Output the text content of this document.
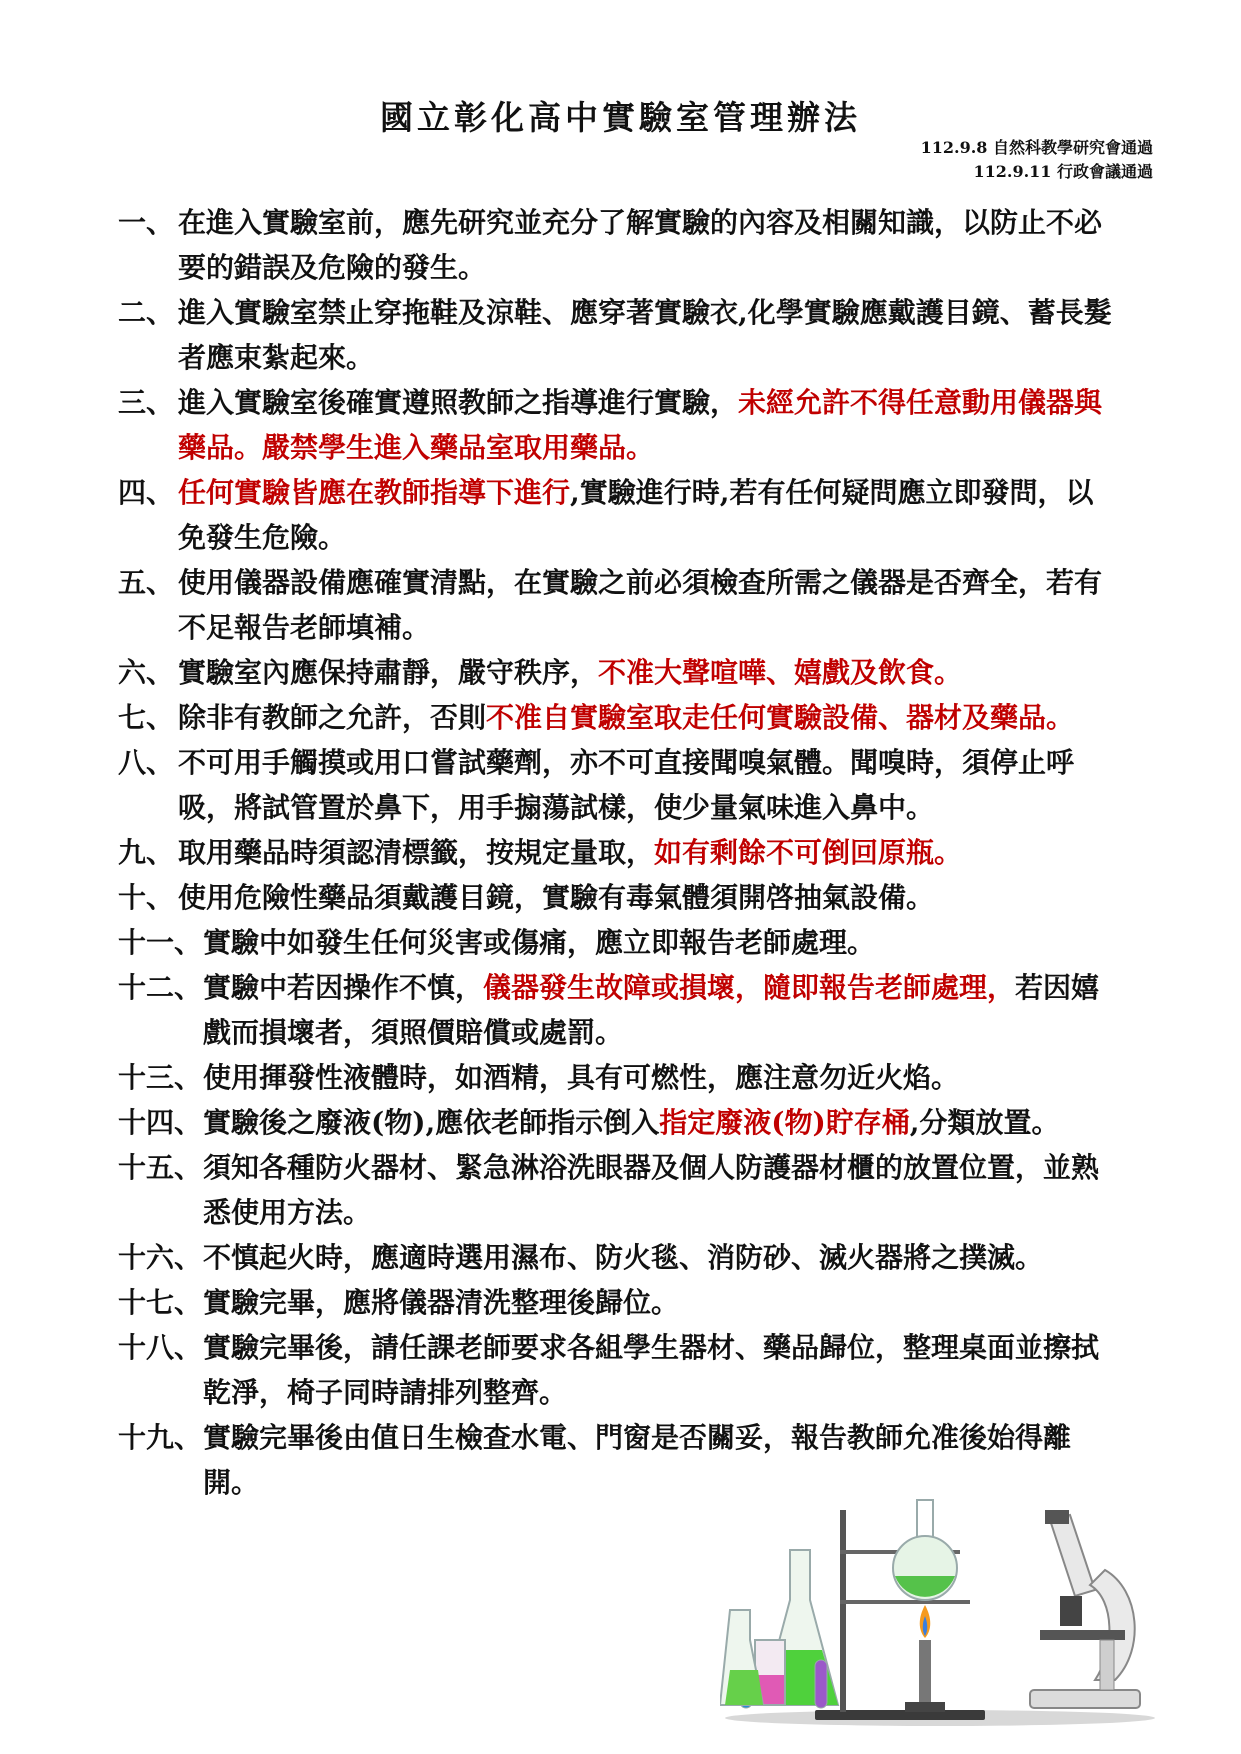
國立彰化高中實驗室管理辦法
112.9.8 自然科教學研究會通過
112.9.11 行政會議通過
一、 在進入實驗室前，應先研究並充分了解實驗的內容及相關知識，以防止不必要的錯誤及危險的發生。
二、 進入實驗室禁止穿拖鞋及涼鞋、應穿著實驗衣,化學實驗應戴護目鏡、蓄長髮者應束紮起來。
三、 進入實驗室後確實遵照教師之指導進行實驗，未經允許不得任意動用儀器與藥品。嚴禁學生進入藥品室取用藥品。
四、 任何實驗皆應在教師指導下進行,實驗進行時,若有任何疑問應立即發問，以免發生危險。
五、 使用儀器設備應確實清點，在實驗之前必須檢查所需之儀器是否齊全，若有不足報告老師填補。
六、 實驗室內應保持肅靜，嚴守秩序，不准大聲喧嘩、嬉戲及飲食。
七、 除非有教師之允許，否則不准自實驗室取走任何實驗設備、器材及藥品。
八、 不可用手觸摸或用口嘗試藥劑，亦不可直接聞嗅氣體。聞嗅時，須停止呼吸，將試管置於鼻下，用手搧蕩試樣，使少量氣味進入鼻中。
九、 取用藥品時須認清標籤，按規定量取，如有剩餘不可倒回原瓶。
十、 使用危險性藥品須戴護目鏡，實驗有毒氣體須開啓抽氣設備。
十一、 實驗中如發生任何災害或傷痛，應立即報告老師處理。
十二、 實驗中若因操作不慎，儀器發生故障或損壞，隨即報告老師處理，若因嬉戲而損壞者，須照價賠償或處罰。
十三、 使用揮發性液體時，如酒精，具有可燃性，應注意勿近火焰。
十四、 實驗後之廢液(物),應依老師指示倒入指定廢液(物)貯存桶,分類放置。
十五、 須知各種防火器材、緊急淋浴洗眼器及個人防護器材櫃的放置位置，並熟悉使用方法。
十六、 不慎起火時，應適時選用濕布、防火毯、消防砂、滅火器將之撲滅。
十七、 實驗完畢，應將儀器清洗整理後歸位。
十八、 實驗完畢後，請任課老師要求各組學生器材、藥品歸位，整理桌面並擦拭乾淨，椅子同時請排列整齊。
十九、 實驗完畢後由值日生檢查水電、門窗是否關妥，報告教師允准後始得離開。
